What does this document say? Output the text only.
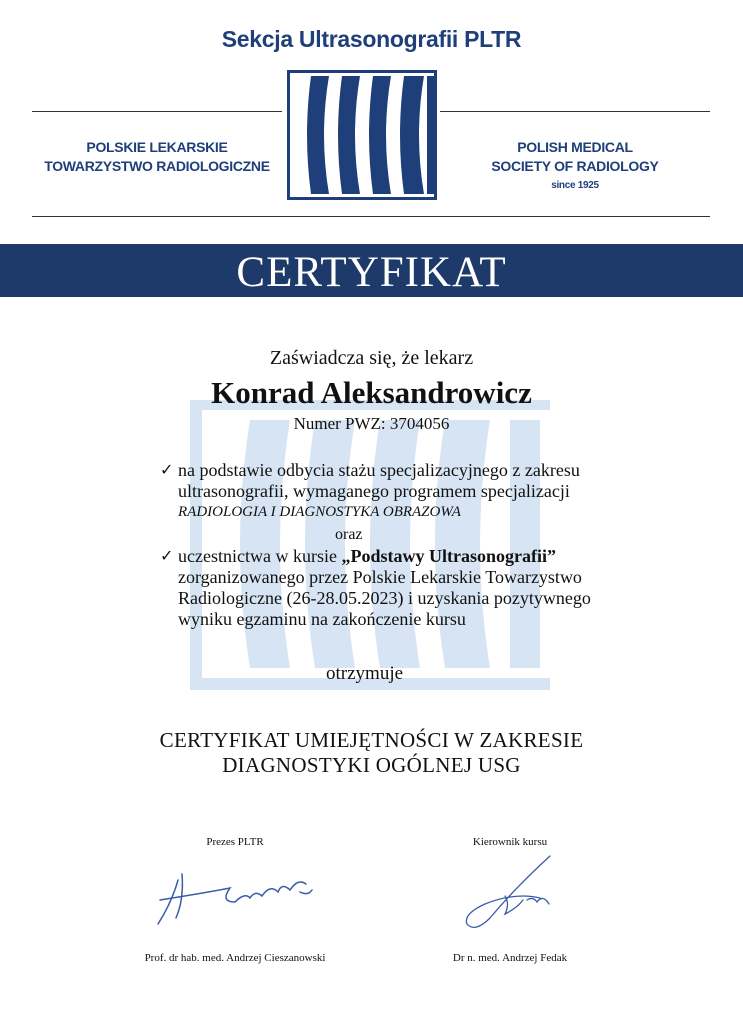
Sekcja Ultrasonografii PLTR
POLSKIE LEKARSKIE
TOWARZYSTWO RADIOLOGICZNE
POLISH MEDICAL
SOCIETY OF RADIOLOGY
since 1925
CERTYFIKAT
Zaświadcza się, że lekarz
Konrad Aleksandrowicz
Numer PWZ: 3704056
✓ na podstawie odbycia stażu specjalizacyjnego z zakresu
ultrasonografii, wymaganego programem specjalizacji
RADIOLOGIA I DIAGNOSTYKA OBRAZOWA
oraz
✓ uczestnictwa w kursie „Podstawy Ultrasonografii”
zorganizowanego przez Polskie Lekarskie Towarzystwo
Radiologiczne (26-28.05.2023) i uzyskania pozytywnego
wyniku egzaminu na zakończenie kursu
otrzymuje
CERTYFIKAT UMIEJĘTNOŚCI W ZAKRESIE
DIAGNOSTYKI OGÓLNEJ USG
Prezes PLTR	Kierownik kursu
Prof. dr hab. med. Andrzej Cieszanowski	Dr n. med. Andrzej Fedak
